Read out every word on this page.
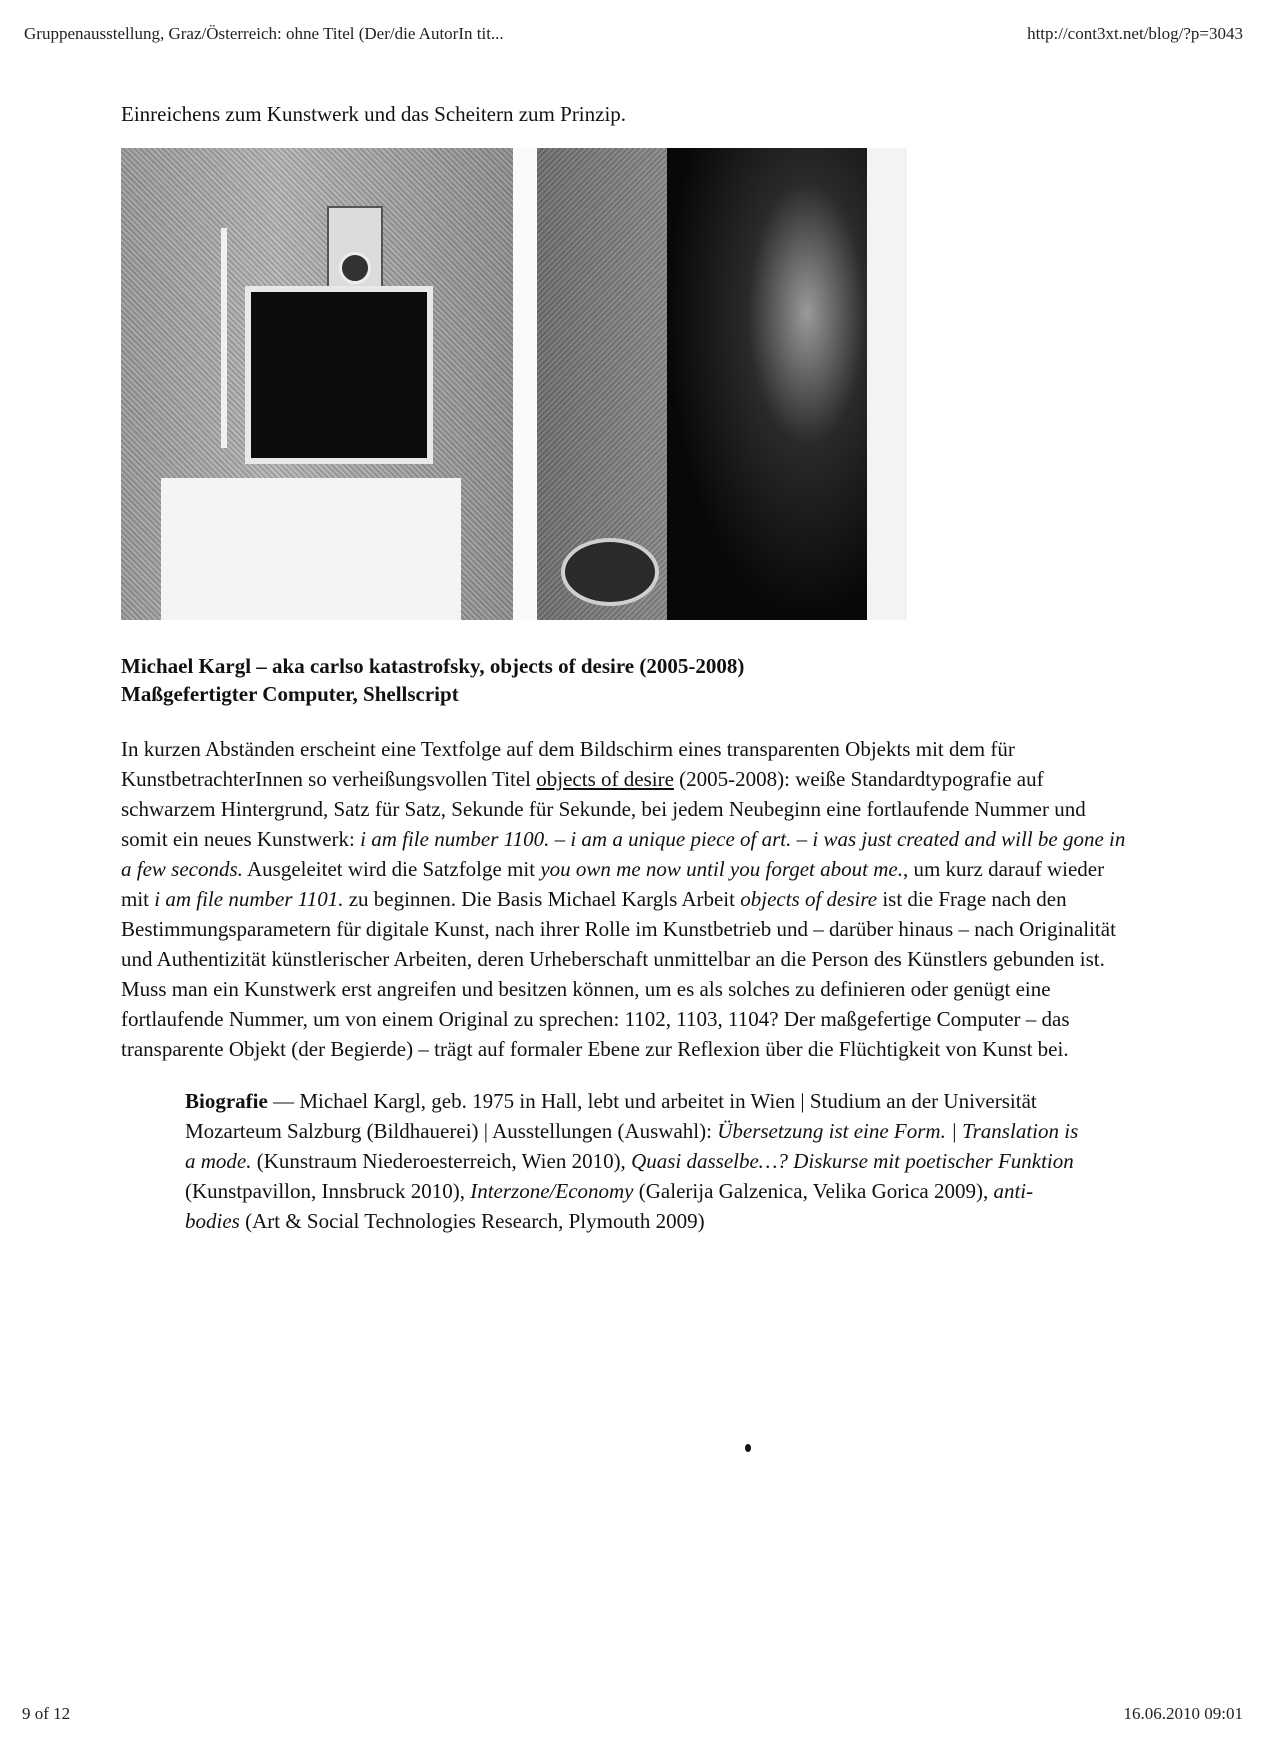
Gruppenausstellung, Graz/Österreich: ohne Titel (Der/die AutorIn tit...	http://cont3xt.net/blog/?p=3043

Einreichens zum Kunstwerk und das Scheitern zum Prinzip.

Michael Kargl – aka carlso katastrofsky, objects of desire (2005-2008)
Maßgefertigter Computer, Shellscript

In kurzen Abständen erscheint eine Textfolge auf dem Bildschirm eines transparenten Objekts mit dem für KunstbetrachterInnen so verheißungsvollen Titel objects of desire (2005-2008): weiße Standardtypografie auf schwarzem Hintergrund, Satz für Satz, Sekunde für Sekunde, bei jedem Neubeginn eine fortlaufende Nummer und somit ein neues Kunstwerk: i am file number 1100. – i am a unique piece of art. – i was just created and will be gone in a few seconds. Ausgeleitet wird die Satzfolge mit you own me now until you forget about me., um kurz darauf wieder mit i am file number 1101. zu beginnen. Die Basis Michael Kargls Arbeit objects of desire ist die Frage nach den Bestimmungsparametern für digitale Kunst, nach ihrer Rolle im Kunstbetrieb und – darüber hinaus – nach Originalität und Authentizität künstlerischer Arbeiten, deren Urheberschaft unmittelbar an die Person des Künstlers gebunden ist. Muss man ein Kunstwerk erst angreifen und besitzen können, um es als solches zu definieren oder genügt eine fortlaufende Nummer, um von einem Original zu sprechen: 1102, 1103, 1104? Der maßgefertige Computer – das transparente Objekt (der Begierde) – trägt auf formaler Ebene zur Reflexion über die Flüchtigkeit von Kunst bei.

Biografie — Michael Kargl, geb. 1975 in Hall, lebt und arbeitet in Wien | Studium an der Universität Mozarteum Salzburg (Bildhauerei) | Ausstellungen (Auswahl): Übersetzung ist eine Form. | Translation is a mode. (Kunstraum Niederoesterreich, Wien 2010), Quasi dasselbe…? Diskurse mit poetischer Funktion (Kunstpavillon, Innsbruck 2010), Interzone/Economy (Galerija Galzenica, Velika Gorica 2009), anti-bodies (Art & Social Technologies Research, Plymouth 2009)

9 of 12	16.06.2010 09:01
